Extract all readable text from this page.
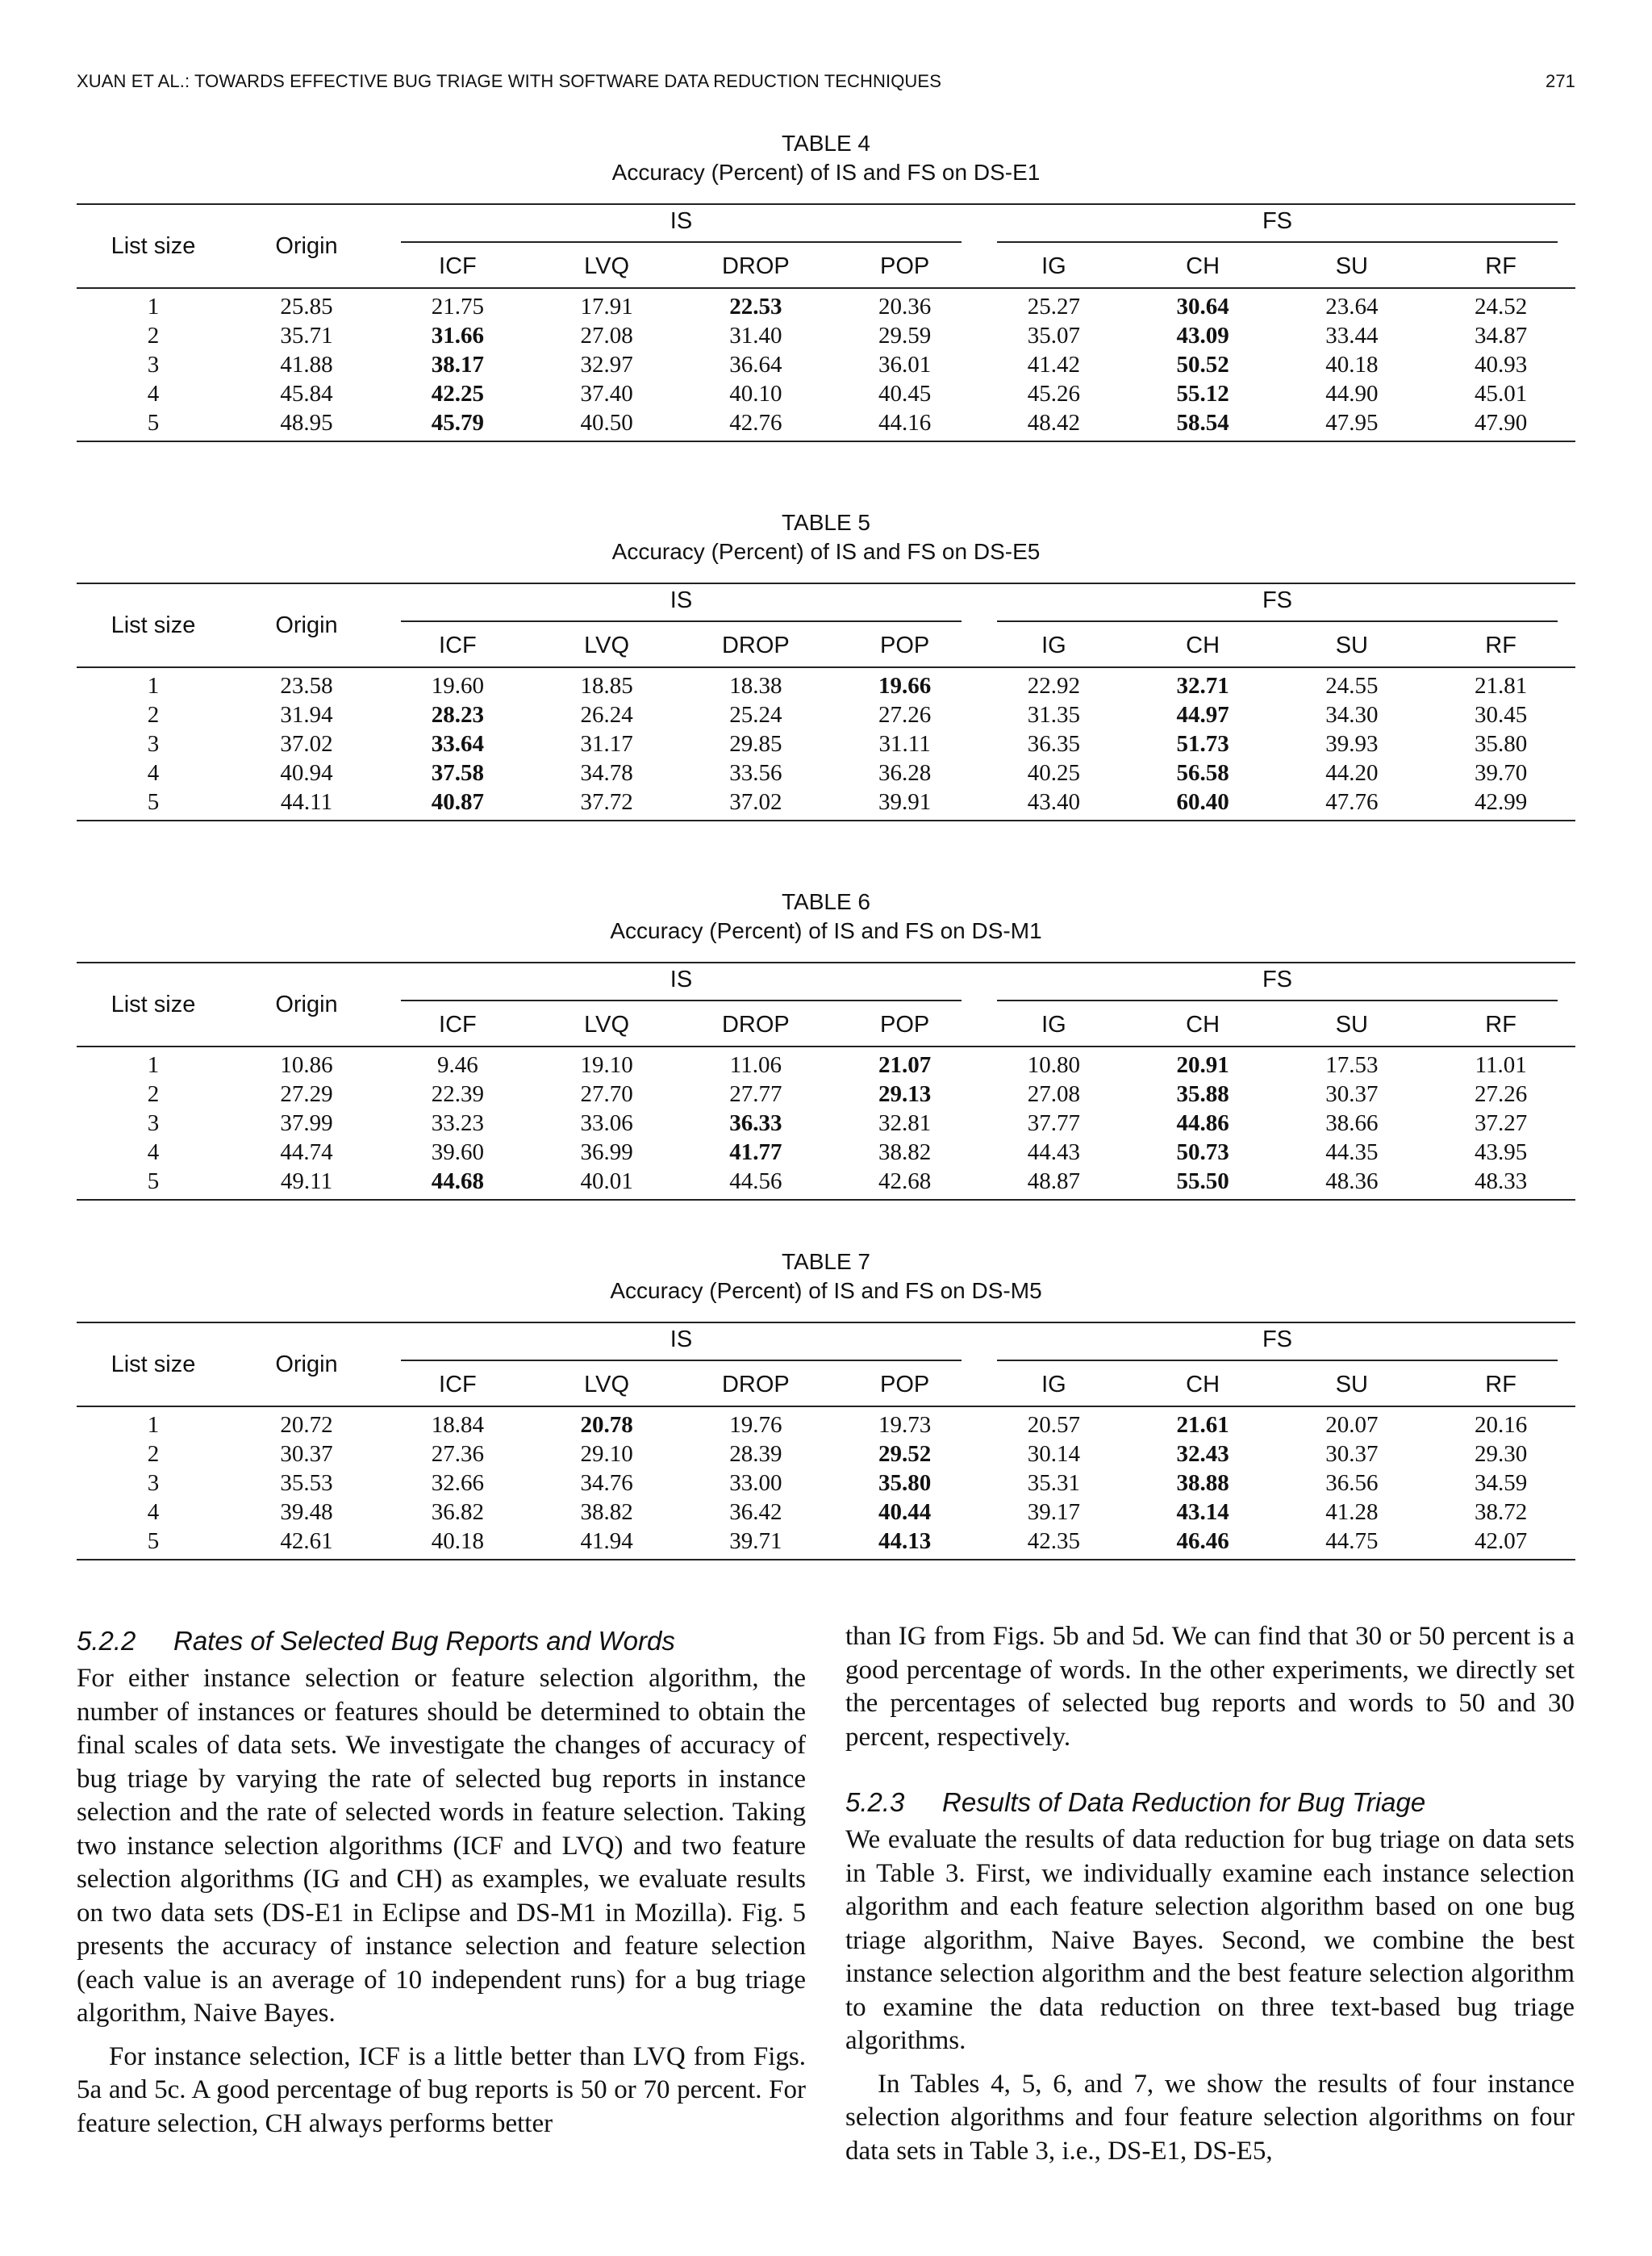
XUAN ET AL.: TOWARDS EFFECTIVE BUG TRIAGE WITH SOFTWARE DATA REDUCTION TECHNIQUES	271
TABLE 4
Accuracy (Percent) of IS and FS on DS-E1
List size	Origin	IS				FS			

		ICF	LVQ	DROP	POP	IG	CH	SU	RF
1	25.85	21.75	17.91	22.53	20.36	25.27	30.64	23.64	24.52
2	35.71	31.66	27.08	31.40	29.59	35.07	43.09	33.44	34.87
3	41.88	38.17	32.97	36.64	36.01	41.42	50.52	40.18	40.93
4	45.84	42.25	37.40	40.10	40.45	45.26	55.12	44.90	45.01
5	48.95	45.79	40.50	42.76	44.16	48.42	58.54	47.95	47.90
TABLE 5
Accuracy (Percent) of IS and FS on DS-E5
List size	Origin	IS				FS			

		ICF	LVQ	DROP	POP	IG	CH	SU	RF
1	23.58	19.60	18.85	18.38	19.66	22.92	32.71	24.55	21.81
2	31.94	28.23	26.24	25.24	27.26	31.35	44.97	34.30	30.45
3	37.02	33.64	31.17	29.85	31.11	36.35	51.73	39.93	35.80
4	40.94	37.58	34.78	33.56	36.28	40.25	56.58	44.20	39.70
5	44.11	40.87	37.72	37.02	39.91	43.40	60.40	47.76	42.99
TABLE 6
Accuracy (Percent) of IS and FS on DS-M1
List size	Origin	IS				FS			

		ICF	LVQ	DROP	POP	IG	CH	SU	RF
1	10.86	9.46	19.10	11.06	21.07	10.80	20.91	17.53	11.01
2	27.29	22.39	27.70	27.77	29.13	27.08	35.88	30.37	27.26
3	37.99	33.23	33.06	36.33	32.81	37.77	44.86	38.66	37.27
4	44.74	39.60	36.99	41.77	38.82	44.43	50.73	44.35	43.95
5	49.11	44.68	40.01	44.56	42.68	48.87	55.50	48.36	48.33
TABLE 7
Accuracy (Percent) of IS and FS on DS-M5
List size	Origin	IS				FS			

		ICF	LVQ	DROP	POP	IG	CH	SU	RF
1	20.72	18.84	20.78	19.76	19.73	20.57	21.61	20.07	20.16
2	30.37	27.36	29.10	28.39	29.52	30.14	32.43	30.37	29.30
3	35.53	32.66	34.76	33.00	35.80	35.31	38.88	36.56	34.59
4	39.48	36.82	38.82	36.42	40.44	39.17	43.14	41.28	38.72
5	42.61	40.18	41.94	39.71	44.13	42.35	46.46	44.75	42.07
5.2.2 Rates of Selected Bug Reports and Words

For either instance selection or feature selection algorithm, the number of instances or features should be determined to obtain the final scales of data sets. We investigate the changes of accuracy of bug triage by varying the rate of selected bug reports in instance selection and the rate of selected words in feature selection. Taking two instance selection algorithms (ICF and LVQ) and two feature selection algorithms (IG and CH) as examples, we evaluate results on two data sets (DS-E1 in Eclipse and DS-M1 in Mozilla). Fig. 5 presents the accuracy of instance selection and feature selection (each value is an average of 10 independent runs) for a bug triage algorithm, Naive Bayes.

For instance selection, ICF is a little better than LVQ from Figs. 5a and 5c. A good percentage of bug reports is 50 or 70 percent. For feature selection, CH always performs better

than IG from Figs. 5b and 5d. We can find that 30 or 50 percent is a good percentage of words. In the other experiments, we directly set the percentages of selected bug reports and words to 50 and 30 percent, respectively.

5.2.3 Results of Data Reduction for Bug Triage

We evaluate the results of data reduction for bug triage on data sets in Table 3. First, we individually examine each instance selection algorithm and each feature selection algorithm based on one bug triage algorithm, Naive Bayes. Second, we combine the best instance selection algorithm and the best feature selection algorithm to examine the data reduction on three text-based bug triage algorithms.

In Tables 4, 5, 6, and 7, we show the results of four instance selection algorithms and four feature selection algorithms on four data sets in Table 3, i.e., DS-E1, DS-E5,
